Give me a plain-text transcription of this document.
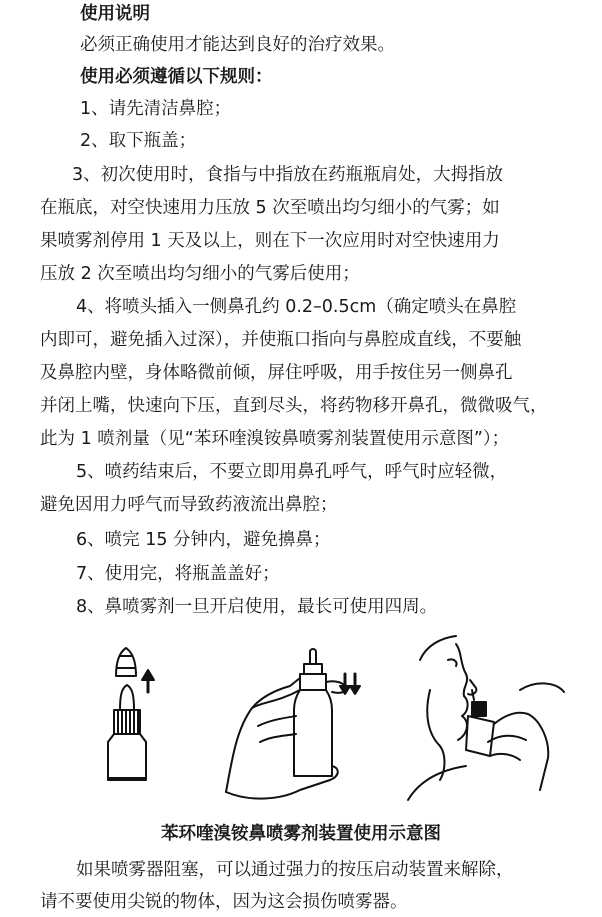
使用说明
必须正确使用才能达到良好的治疗效果。
使用必须遵循以下规则：
1、请先清洁鼻腔；
2、取下瓶盖；
3、初次使用时，食指与中指放在药瓶瓶肩处，大拇指放
在瓶底，对空快速用力压放 5 次至喷出均匀细小的气雾；如
果喷雾剂停用 1 天及以上，则在下一次应用时对空快速用力
压放 2 次至喷出均匀细小的气雾后使用；
4、将喷头插入一侧鼻孔约 0.2–0.5cm（确定喷头在鼻腔
内即可，避免插入过深），并使瓶口指向与鼻腔成直线，不要触
及鼻腔内壁，身体略微前倾，屏住呼吸，用手按住另一侧鼻孔
并闭上嘴，快速向下压，直到尽头，将药物移开鼻孔，微微吸气，
此为 1 喷剂量（见“苯环喹溴铵鼻喷雾剂装置使用示意图”）；
5、喷药结束后，不要立即用鼻孔呼气，呼气时应轻微，
避免因用力呼气而导致药液流出鼻腔；
6、喷完 15 分钟内，避免擤鼻；
7、使用完，将瓶盖盖好；
8、鼻喷雾剂一旦开启使用，最长可使用四周。
苯环喹溴铵鼻喷雾剂装置使用示意图
如果喷雾器阻塞，可以通过强力的按压启动装置来解除，
请不要使用尖锐的物体，因为这会损伤喷雾器。
